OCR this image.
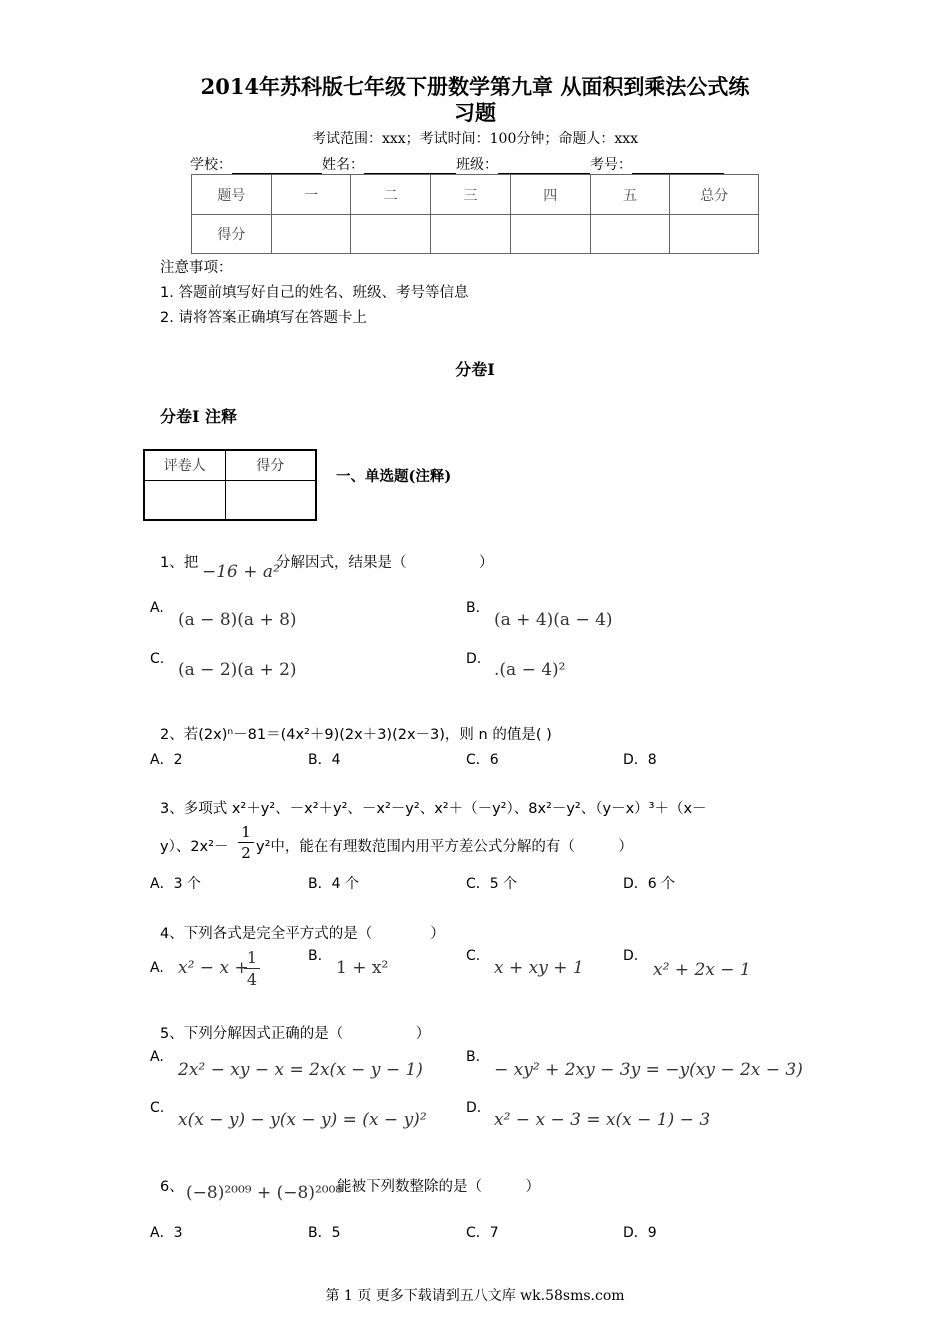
2014年苏科版七年级下册数学第九章 从面积到乘法公式练
习题
考试范围：xxx；考试时间：100分钟；命题人：xxx
学校：	姓名：	班级：	考号：
题号	一	二	三	四	五	总分
得分						
注意事项：
1. 答题前填写好自己的姓名、班级、考号等信息
2. 请将答案正确填写在答题卡上
分卷I
分卷I 注释
评卷人	得分

一、单选题(注释)
1、把 −16 + a²
分解因式，结果是（　　　　　）
A.
(a − 8)(a + 8)
B.
(a + 4)(a − 4)
C.
(a − 2)(a + 2)
D.
.(a − 4)²
2、若(2x)ⁿ－81＝(4x²＋9)(2x＋3)(2x－3)，则 n 的值是( )
A．2	B．4	C．6	D．8
3、多项式 x²＋y²、－x²＋y²、－x²－y²、x²＋（－y²）、8x²－y²、（y－x）³＋（x－
y）、$2x^2- \frac{1}{2} y^2$中，能在有理数范围内用平方差公式分解的有（　　　）
A．3 个	B．4 个	C．5 个	D．6 个
4、下列各式是完全平方式的是（　　　　）
A. x² − x +
$\frac{1}{4}$	B.
1 + x²
C.
x + xy + 1
D.
x² + 2x − 1
5、下列分解因式正确的是（　　　　　）
A.
2x² − xy − x = 2x(x − y − 1)
B.
− xy² + 2xy − 3y = −y(xy − 2x − 3)
C.
x(x − y) − y(x − y) = (x − y)²
D.
x² − x − 3 = x(x − 1) − 3
6、 (−8)²⁰⁰⁹ + (−8)²⁰⁰⁸
能被下列数整除的是（　　　）
A．3	B．5	C．7	D．9
第 1 页 更多下载请到五八文库 wk.58sms.com
